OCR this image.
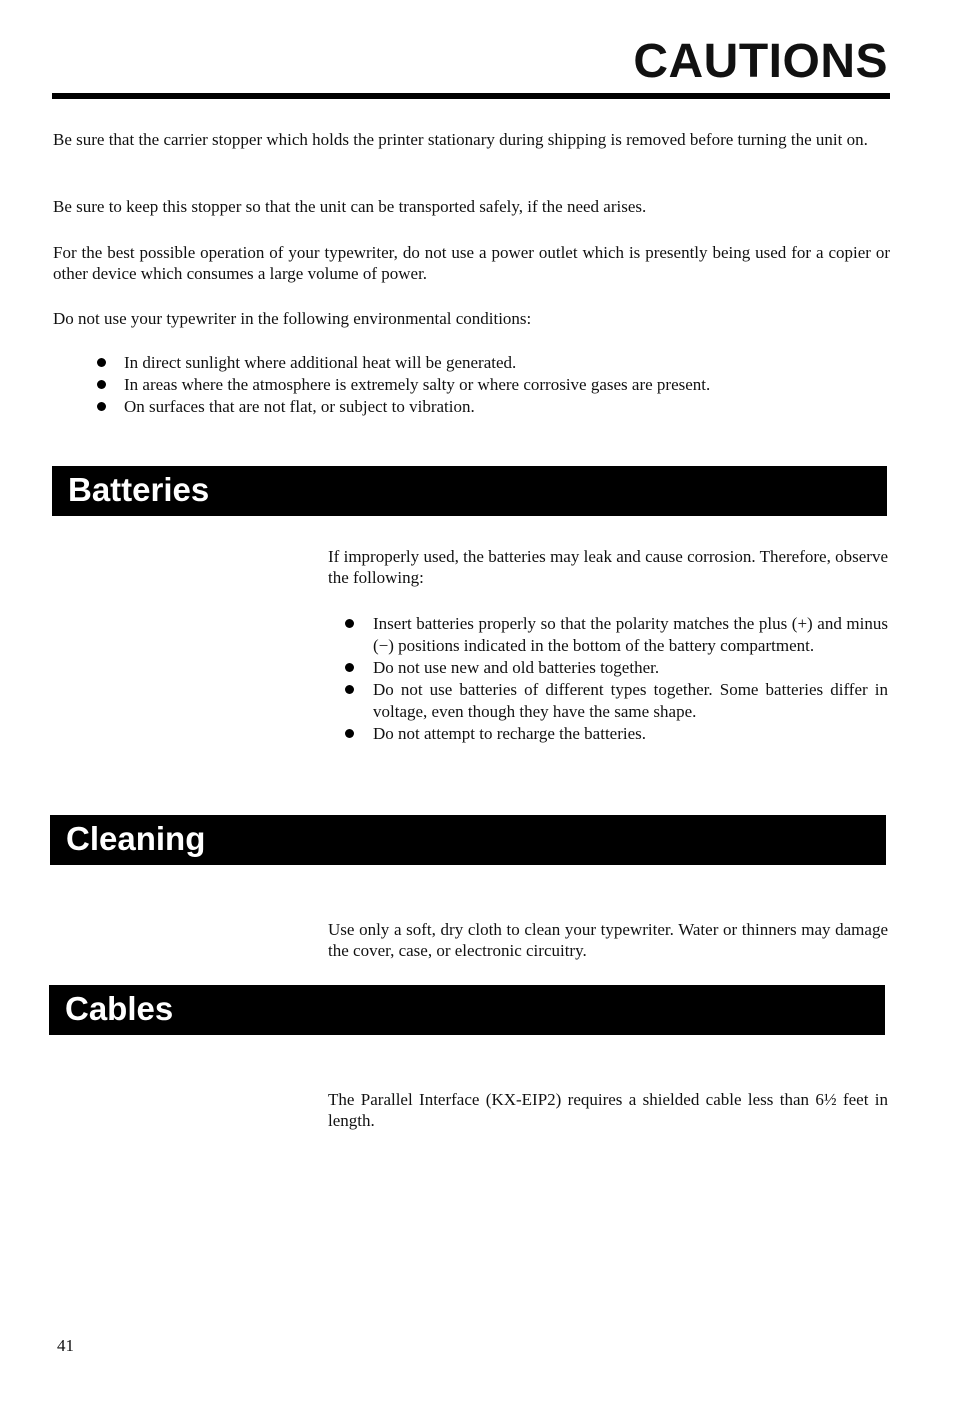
CAUTIONS
Be sure that the carrier stopper which holds the printer stationary during shipping is removed before turning the unit on.
Be sure to keep this stopper so that the unit can be transported safely, if the need arises.
For the best possible operation of your typewriter, do not use a power outlet which is presently being used for a copier or other device which consumes a large volume of power.
Do not use your typewriter in the following environmental conditions:
In direct sunlight where additional heat will be generated.
In areas where the atmosphere is extremely salty or where corrosive gases are present.
On surfaces that are not flat, or subject to vibration.
Batteries
If improperly used, the batteries may leak and cause corrosion. Therefore, observe the following:
Insert batteries properly so that the polarity matches the plus (+) and minus (−) positions indicated in the bottom of the battery compartment.
Do not use new and old batteries together.
Do not use batteries of different types together. Some batteries differ in voltage, even though they have the same shape.
Do not attempt to recharge the batteries.
Cleaning
Use only a soft, dry cloth to clean your typewriter. Water or thinners may damage the cover, case, or electronic circuitry.
Cables
The Parallel Interface (KX-EIP2) requires a shielded cable less than 6½ feet in length.
41
